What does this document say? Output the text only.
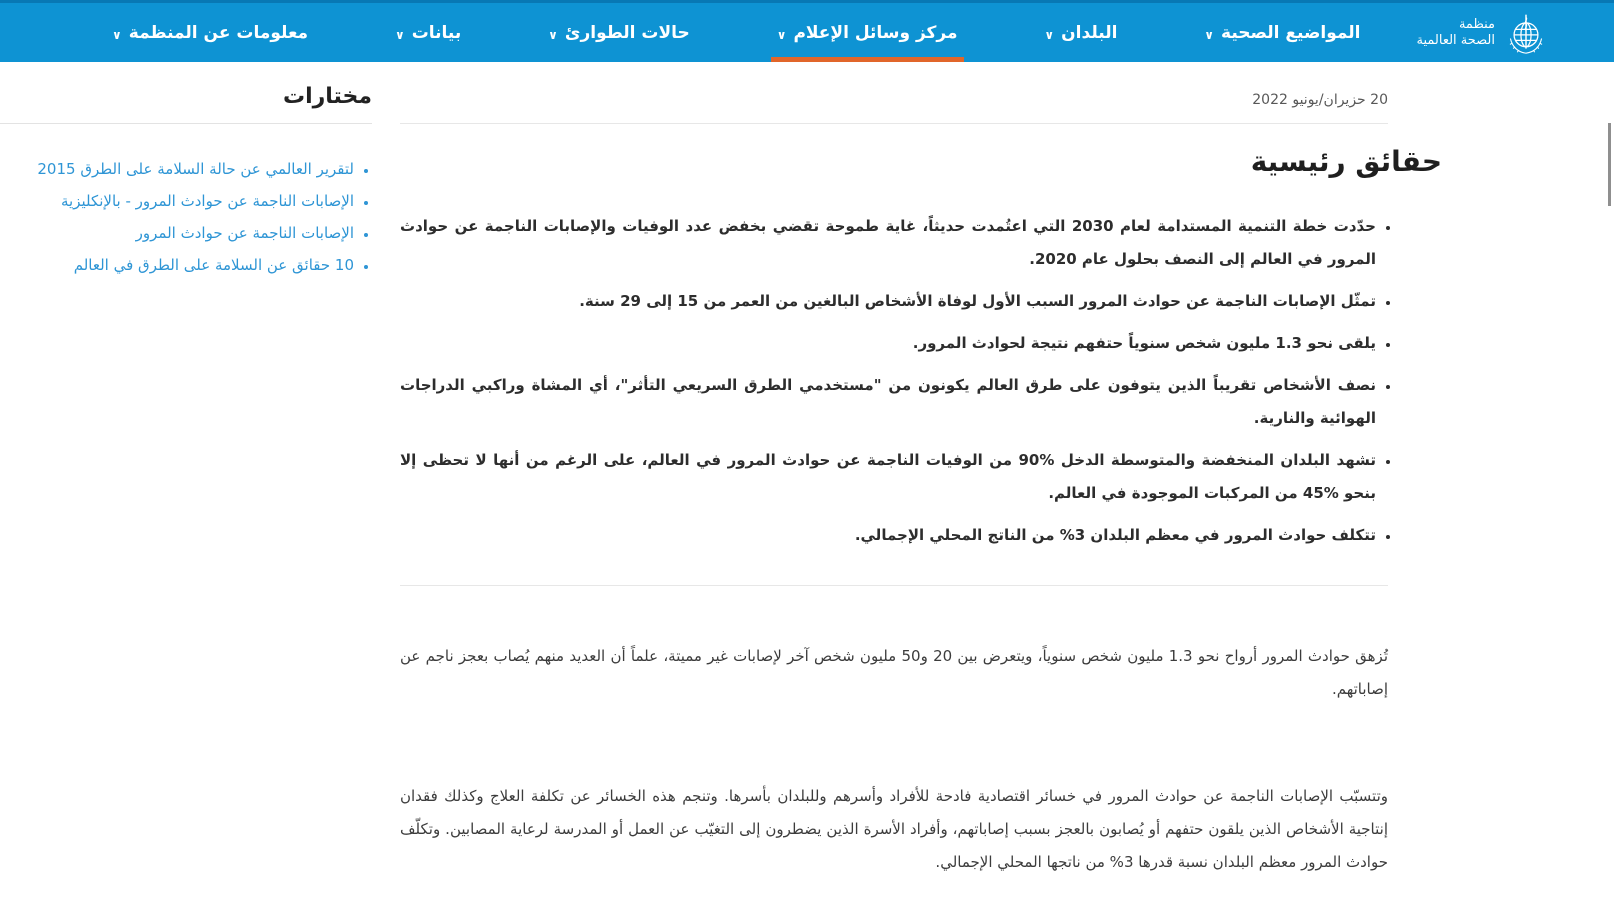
منظمة
الصحة العالمية
المواضيع الصحية
∨
البلدان
∨
مركز وسائل الإعلام
∨
حالات الطوارئ
∨
بيانات
∨
معلومات عن المنظمة
∨
مختارات
• لتقرير العالمي عن حالة السلامة على الطرق 2015
• الإصابات الناجمة عن حوادث المرور - بالإنكليزية
• الإصابات الناجمة عن حوادث المرور
• 10 حقائق عن السلامة على الطرق في العالم
20 حزيران/يونيو 2022
حقائق رئيسية
• حدّدت خطة التنمية المستدامة لعام 2030 التي اعتُمدت حديثاً، غاية طموحة تقضي بخفض عدد الوفيات والإصابات الناجمة عن حوادث المرور في العالم إلى النصف بحلول عام 2020.
• تمثّل الإصابات الناجمة عن حوادث المرور السبب الأول لوفاة الأشخاص البالغين من العمر من 15 إلى 29 سنة.
• يلقى نحو 1.3 مليون شخص سنوياً حتفهم نتيجة لحوادث المرور.
• نصف الأشخاص تقريباً الذين يتوفون على طرق العالم يكونون من "مستخدمي الطرق السريعي التأثر"، أي المشاة وراكبي الدراجات الهوائية والنارية.
• تشهد البلدان المنخفضة والمتوسطة الدخل %90 من الوفيات الناجمة عن حوادث المرور في العالم، على الرغم من أنها لا تحظى إلا بنحو %45 من المركبات الموجودة في العالم.
• تتكلف حوادث المرور في معظم البلدان 3% من الناتج المحلي الإجمالي.

تُزهق حوادث المرور أرواح نحو 1.3 مليون شخص سنوياً، ويتعرض بين 20 و50 مليون شخص آخر لإصابات غير مميتة، علماً أن العديد منهم يُصاب بعجز ناجم عن إصاباتهم.

وتتسبّب الإصابات الناجمة عن حوادث المرور في خسائر اقتصادية فادحة للأفراد وأسرهم وللبلدان بأسرها. وتنجم هذه الخسائر عن تكلفة العلاج وكذلك فقدان إنتاجية الأشخاص الذين يلقون حتفهم أو يُصابون بالعجز بسبب إصاباتهم، وأفراد الأسرة الذين يضطرون إلى التغيّب عن العمل أو المدرسة لرعاية المصابين. وتكلّف حوادث المرور معظم البلدان نسبة قدرها 3% من ناتجها المحلي الإجمالي.
